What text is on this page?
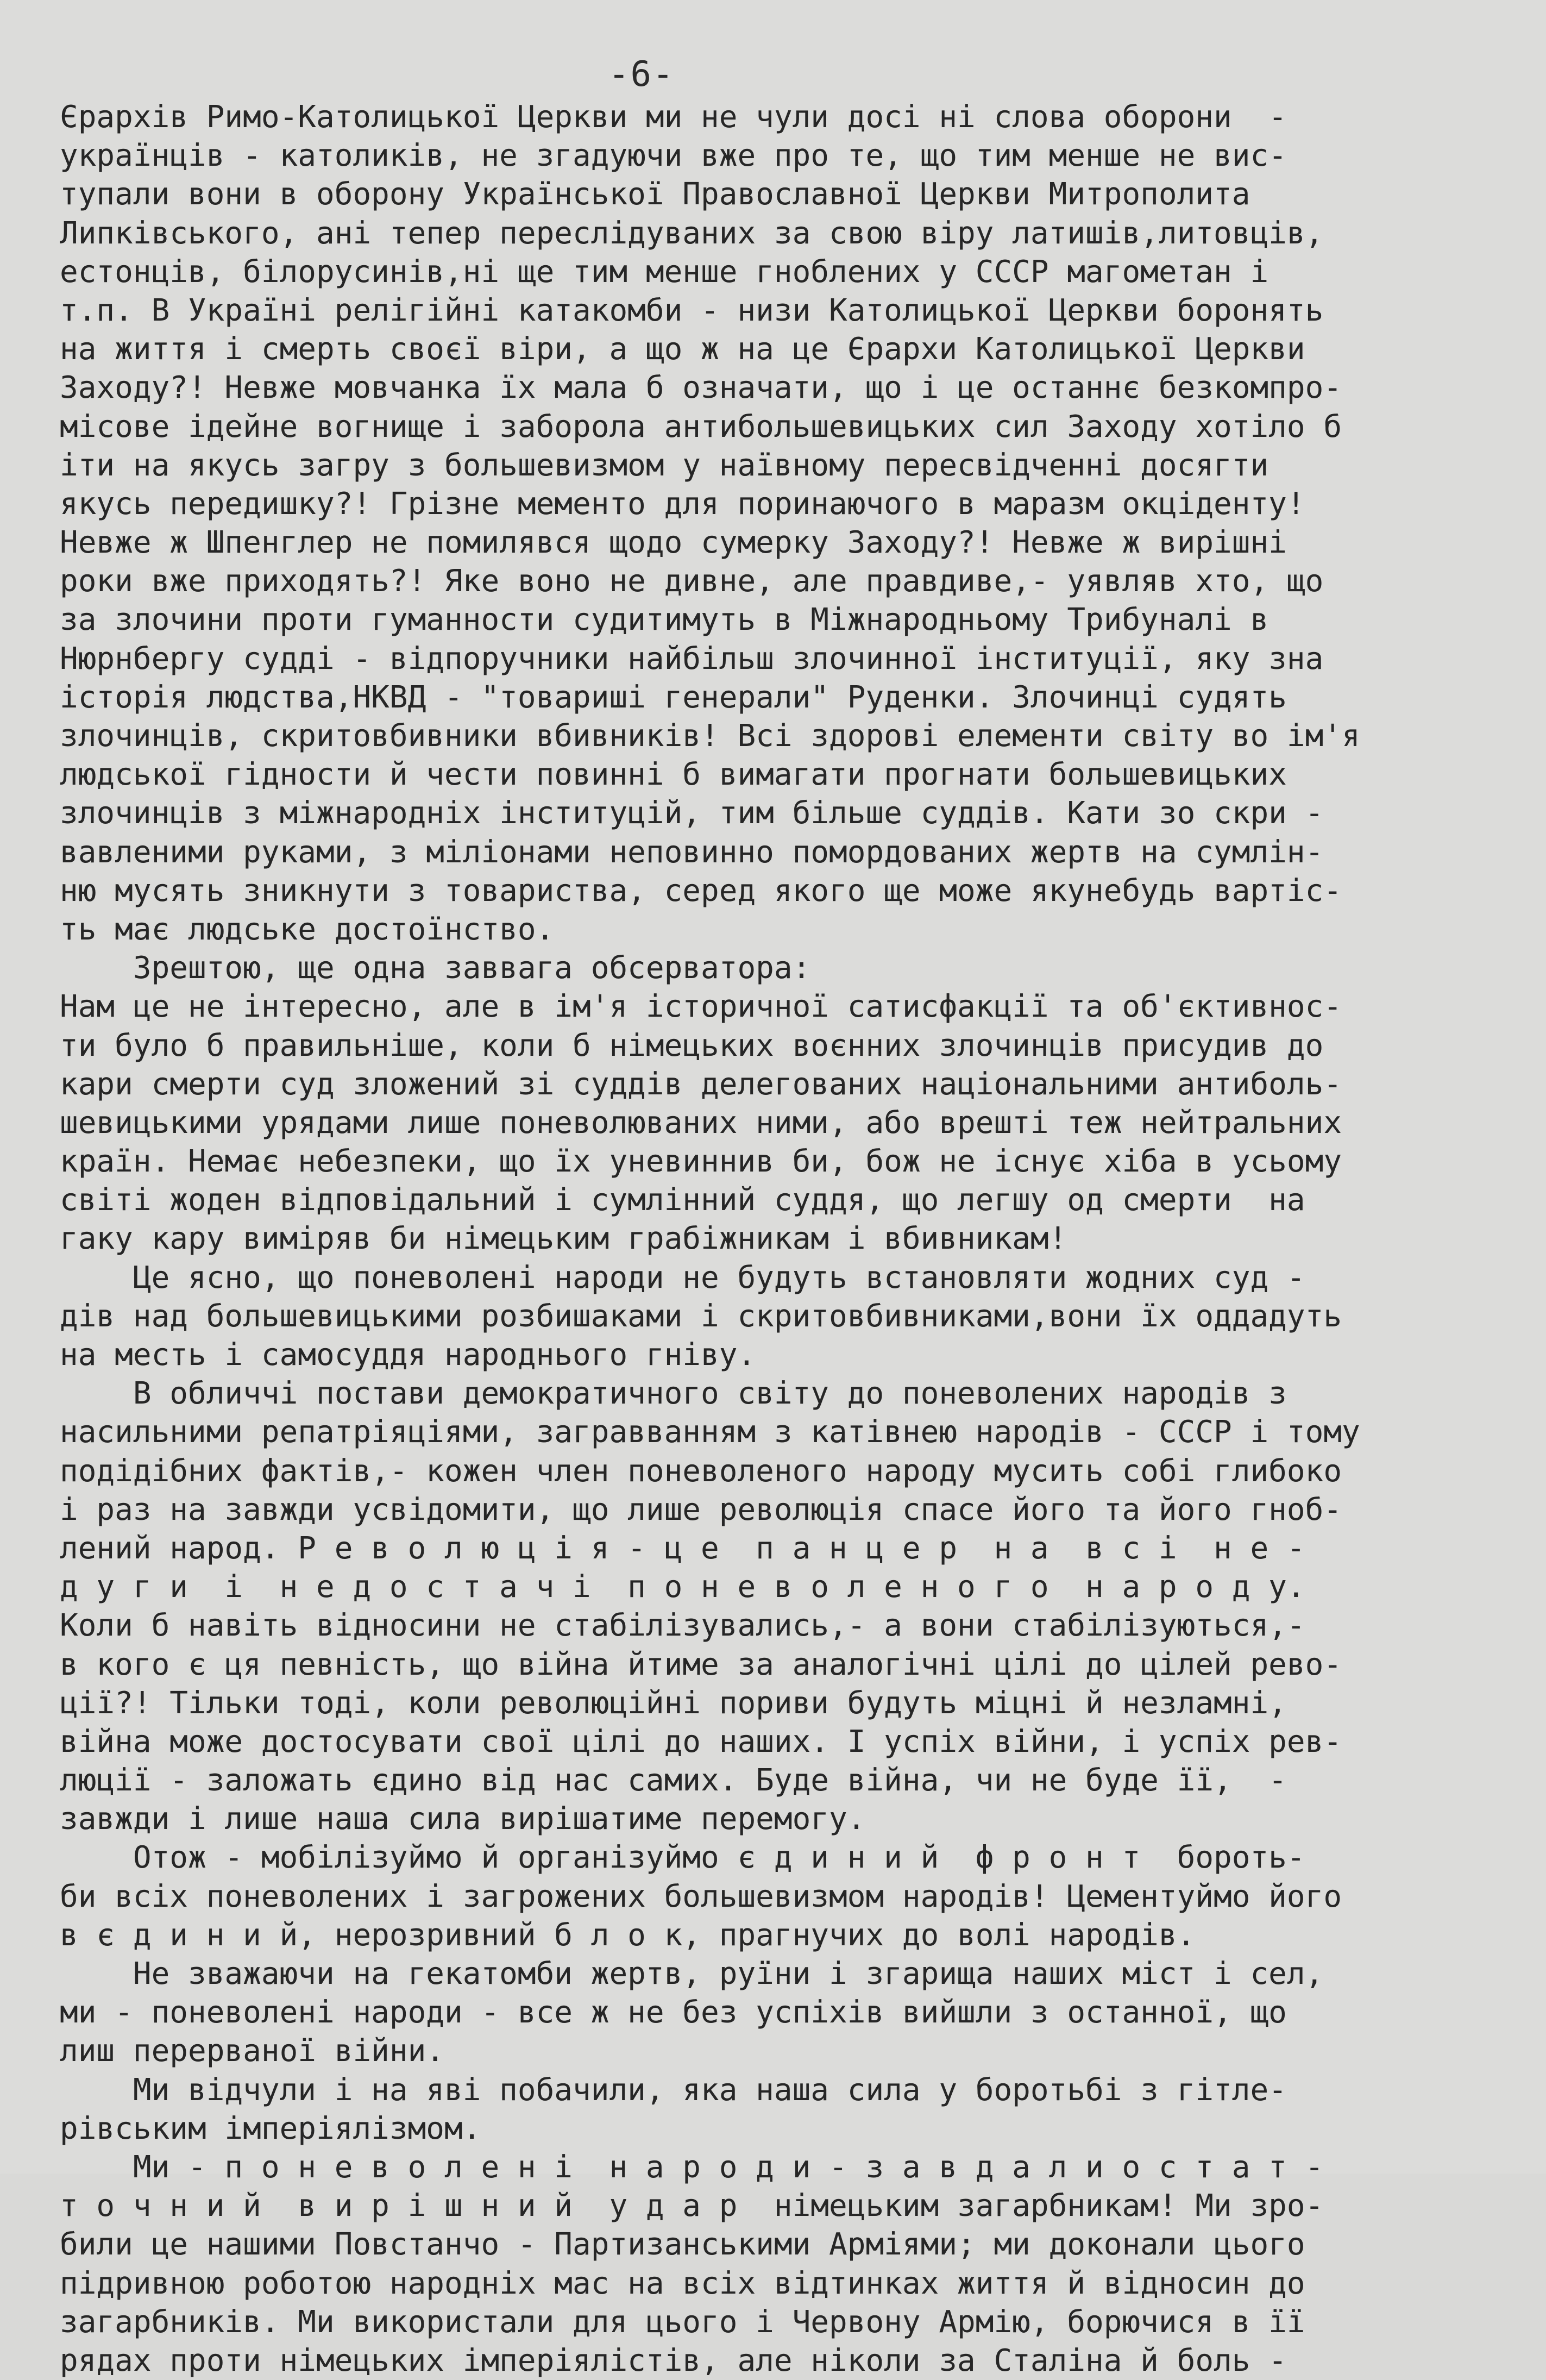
-6-
Єрархів Римо-Католицької Церкви ми не чули досі ні слова оборони  -
українців - католиків, не згадуючи вже про те, що тим менше не вис-
тупали вони в оборону Української Православної Церкви Митрополита
Липківського, ані тепер переслідуваних за свою віру латишів,литовців,
естонців, білорусинів,ні ще тим менше гноблених у СССР магометан і
т.п. В Україні релігійні катакомби - низи Католицької Церкви боронять
на життя і смерть своєї віри, а що ж на це Єрархи Католицької Церкви
Заходу?! Невже мовчанка їх мала б означати, що і це останнє безкомпро-
місове ідейне вогнище і заборола антибольшевицьких сил Заходу хотіло б
іти на якусь загру з большевизмом у наївному пересвідченні досягти
якусь передишку?! Грізне мементо для поринаючого в маразм окціденту!
Невже ж Шпенглер не помилявся щодо сумерку Заходу?! Невже ж вирішні
роки вже приходять?! Яке воно не дивне, але правдиве,- уявляв хто, що
за злочини проти гуманности судитимуть в Міжнародньому Трибуналі в
Нюрнбергу судді - відпоручники найбільш злочинної інституції, яку зна
історія людства,НКВД - "товариші генерали" Руденки. Злочинці судять
злочинців, скритовбивники вбивників! Всі здорові елементи світу во ім'я
людської гідности й чести повинні б вимагати прогнати большевицьких
злочинців з міжнародніх інституцій, тим більше суддів. Кати зо скри -
вавленими руками, з міліонами неповинно помордованих жертв на сумлін-
ню мусять зникнути з товариства, серед якого ще може якунебудь вартіс-
ть має людське достоїнство.
Зрештою, ще одна заввага обсерватора:
Нам це не інтересно, але в ім'я історичної сатисфакції та об'єктивнос-
ти було б правильніше, коли б німецьких воєнних злочинців присудив до
кари смерти суд зложений зі суддів делегованих національними антиболь-
шевицькими урядами лише поневолюваних ними, або врешті теж нейтральних
країн. Немає небезпеки, що їх уневиннив би, бож не існує хіба в усьому
світі жоден відповідальний і сумлінний суддя, що легшу од смерти  на
гаку кару виміряв би німецьким грабіжникам і вбивникам!
Це ясно, що поневолені народи не будуть встановляти жодних суд -
дів над большевицькими розбишаками і скритовбивниками,вони їх оддадуть
на месть і самосуддя народнього гніву.
В обличчі постави демократичного світу до поневолених народів з
насильними репатріяціями, загравванням з катівнею народів - СССР і тому
подідібних фактів,- кожен член поневоленого народу мусить собі глибоко
і раз на завжди усвідомити, що лише революція спасе його та його гноб-
лений народ. Р е в о л ю ц і я - ц е  п а н ц е р  н а  в с і  н е -
д у г и  і  н е д о с т а ч і  п о н е в о л е н о г о  н а р о д у.
Коли б навіть відносини не стабілізувались,- а вони стабілізуються,-
в кого є ця певність, що війна йтиме за аналогічні цілі до цілей рево-
ції?! Тільки тоді, коли революційні пориви будуть міцні й незламні,
війна може достосувати свої цілі до наших. І успіх війни, і успіх рев-
люції - заложать єдино від нас самих. Буде війна, чи не буде її,  -
завжди і лише наша сила вирішатиме перемогу.
Отож - мобілізуймо й організуймо є д и н и й  ф р о н т  бороть-
би всіх поневолених і загрожених большевизмом народів! Цементуймо його
в є д и н и й, нерозривний б л о к, прагнучих до волі народів.
Не зважаючи на гекатомби жертв, руїни і згарища наших міст і сел,
ми - поневолені народи - все ж не без успіхів вийшли з останної, що
лиш перерваної війни.
Ми відчули і на яві побачили, яка наша сила у боротьбі з гітле-
рівським імперіялізмом.
Ми - п о н е в о л е н і  н а р о д и - з а в д а л и о с т а т -
т о ч н и й  в и р і ш н и й  у д а р  німецьким загарбникам! Ми зро-
били це нашими Повстанчо - Партизанськими Арміями; ми доконали цього
підривною роботою народніх мас на всіх відтинках життя й відносин до
загарбників. Ми використали для цього і Червону Армію, борючися в її
рядах проти німецьких імперіялістів, але ніколи за Сталіна й боль -
